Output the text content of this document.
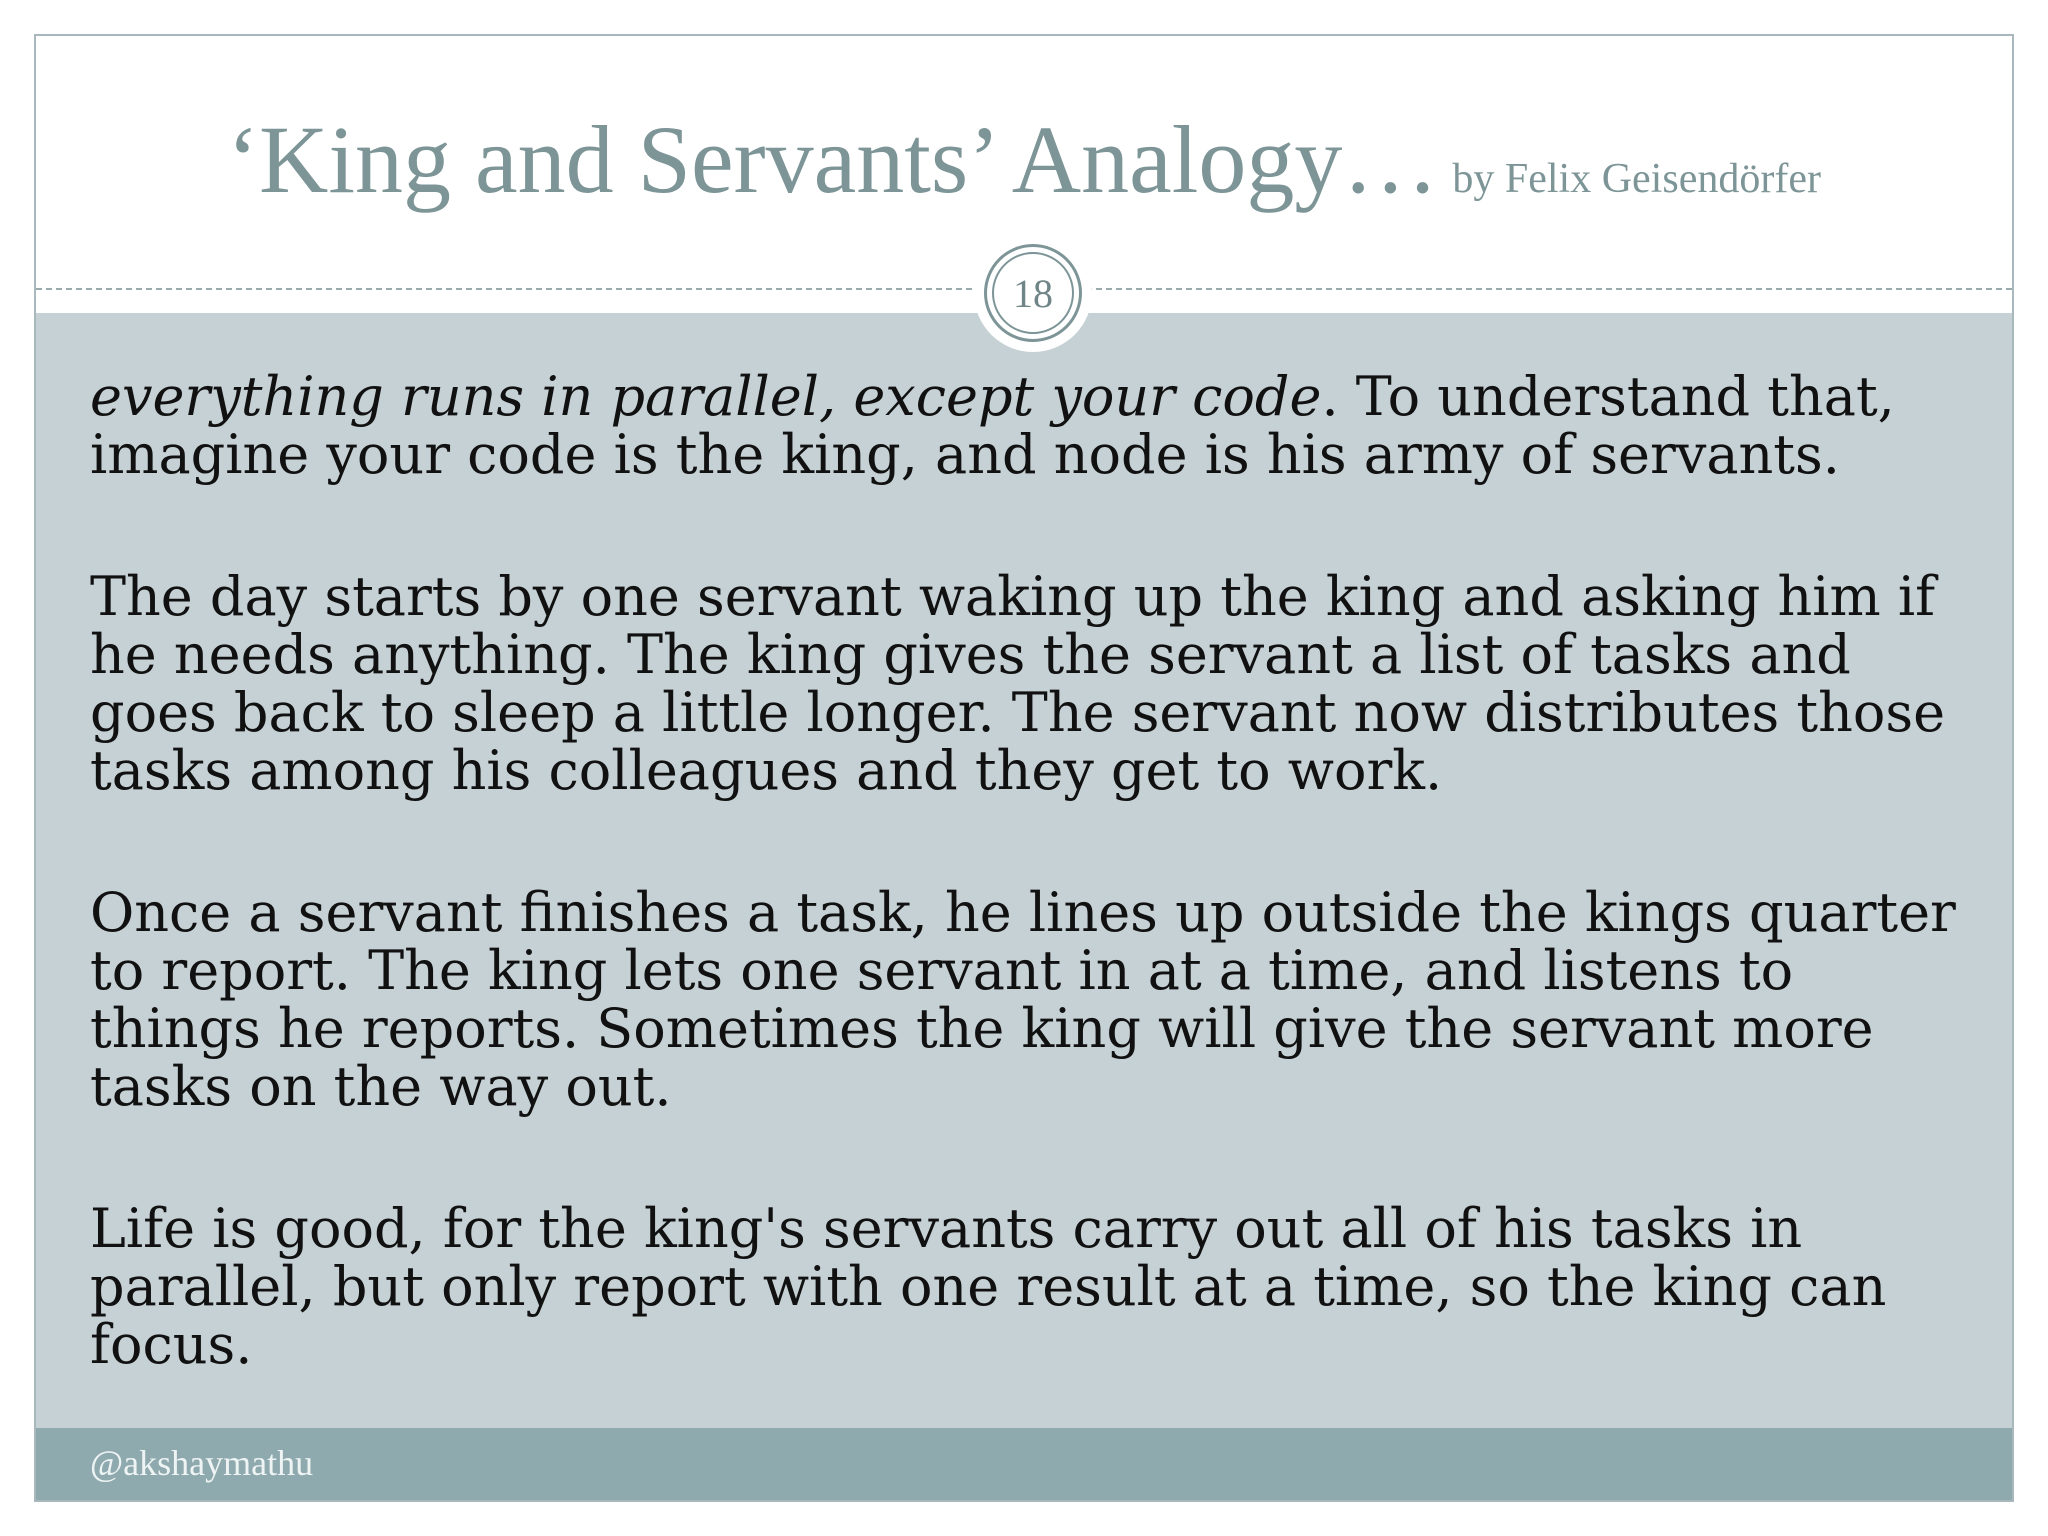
‘King and Servants’ Analogy… by Felix Geisendörfer
18

everything runs in parallel, except your code. To understand that, imagine your code is the king, and node is his army of servants.

The day starts by one servant waking up the king and asking him if he needs anything. The king gives the servant a list of tasks and goes back to sleep a little longer. The servant now distributes those tasks among his colleagues and they get to work.

Once a servant finishes a task, he lines up outside the kings quarter to report. The king lets one servant in at a time, and listens to things he reports. Sometimes the king will give the servant more tasks on the way out.

Life is good, for the king's servants carry out all of his tasks in parallel, but only report with one result at a time, so the king can focus.

@akshaymathu
